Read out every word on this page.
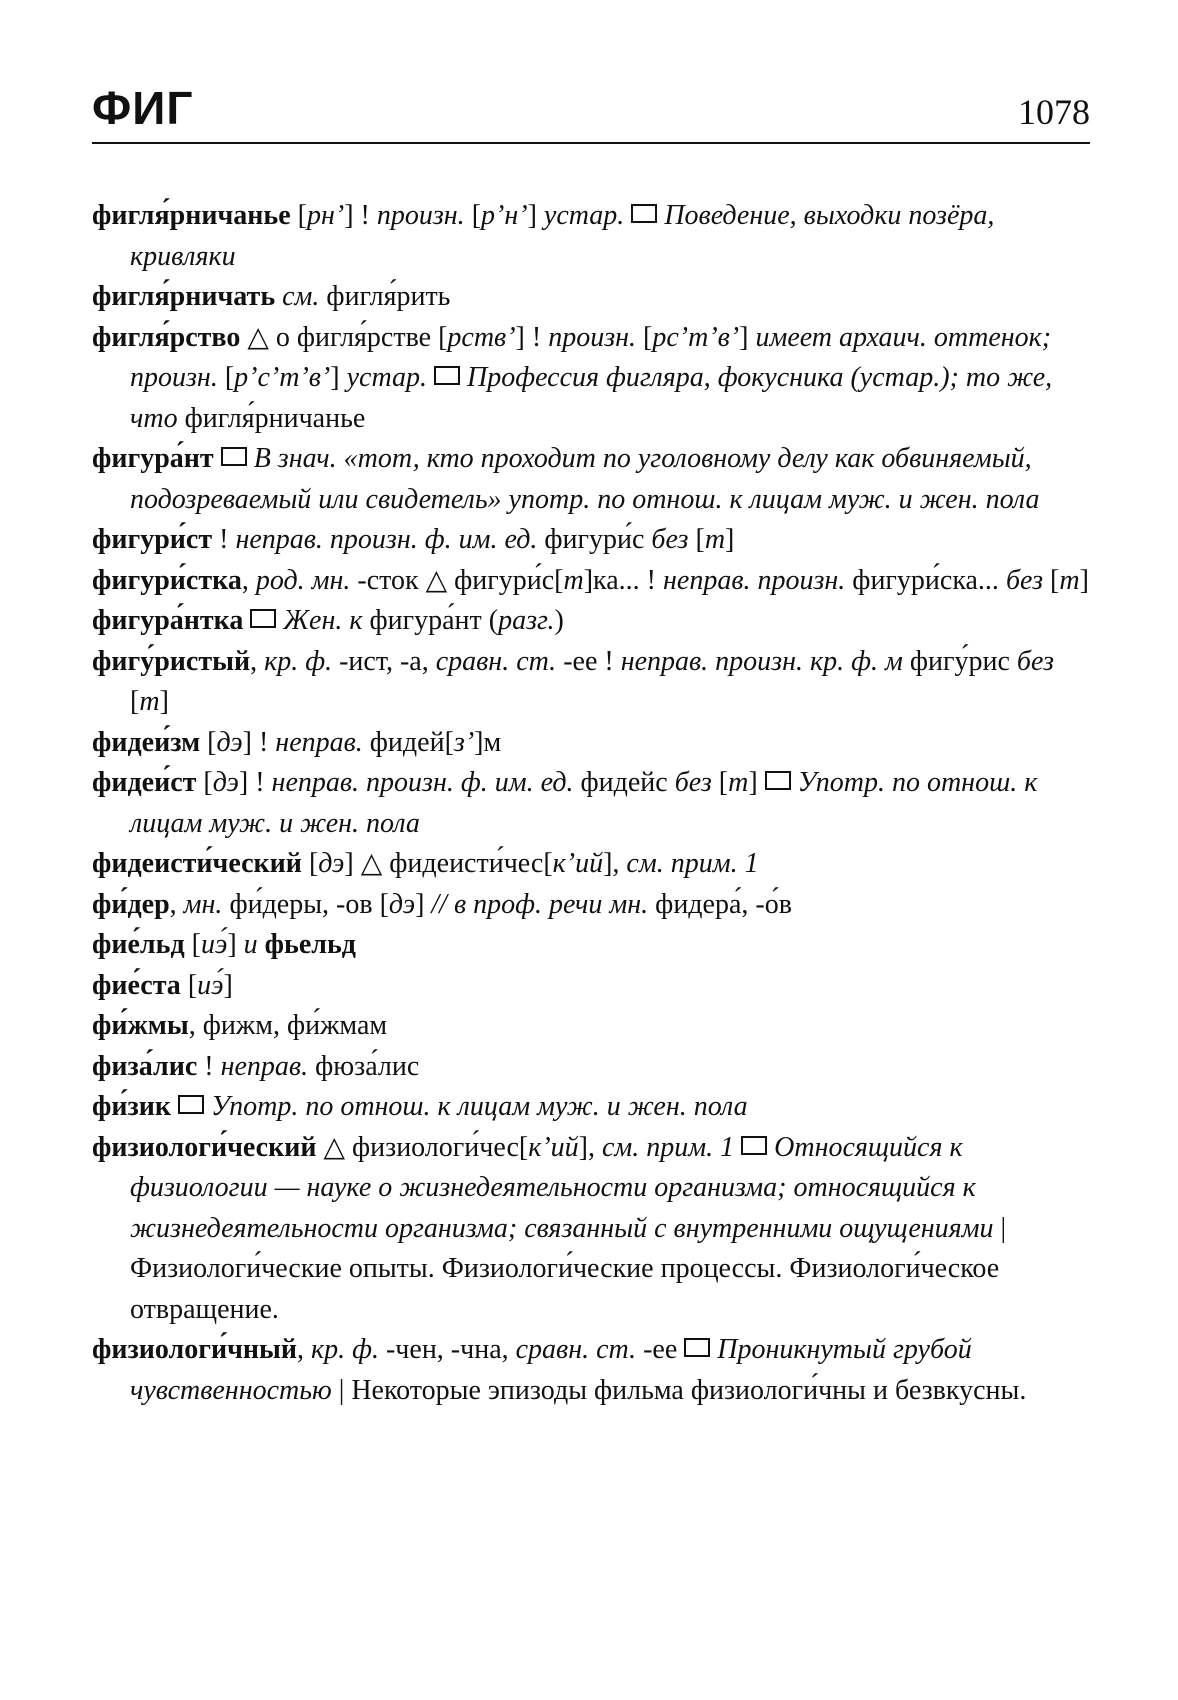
ФИГ	1078

фигля́рничанье [рнʼ] ! произн. [рʼнʼ] устар. Поведение, выходки позёра, кривляки

фигля́рничать см. фигля́рить

фигля́рство △ о фигля́рстве [рствʼ] ! произн. [рсʼтʼвʼ] имеет архаич. оттенок; произн. [рʼсʼтʼвʼ] устар. Профессия фигляра, фокусника (устар.); то же, что фигля́рничанье

фигура́нт В знач. «тот, кто проходит по уголовному делу как обвиняемый, подозреваемый или свидетель» употр. по отнош. к лицам муж. и жен. пола

фигури́ст ! неправ. произн. ф. им. ед. фигури́с без [т]

фигури́стка, род. мн. -сток △ фигури́с[т]ка... ! неправ. произн. фигури́ска... без [т]

фигура́нтка Жен. к фигура́нт (разг.)

фигу́ристый, кр. ф. -ист, -а, сравн. ст. -ее ! неправ. произн. кр. ф. м фигу́рис без [т]

фидеи́зм [дэ] ! неправ. фидей[зʼ]м

фидеи́ст [дэ] ! неправ. произн. ф. им. ед. фидейс без [т]  Употр. по отнош. к лицам муж. и жен. пола

фидеисти́ческий [дэ] △ фидеисти́чес[кʼий], см. прим. 1

фи́дер, мн. фи́деры, -ов [дэ] // в проф. речи мн. фидера́, -о́в

фие́льд [иэ́] и фьельд

фие́ста [иэ́]

фи́жмы, фижм, фи́жмам

физа́лис ! неправ. фюза́лис

фи́зик Употр. по отнош. к лицам муж. и жен. пола

физиологи́ческий △ физиологи́чес[кʼий], см. прим. 1 Относящийся к физиологии — науке о жизнедеятельности организма; относящийся к жизнедеятельности организма; связанный с внутренними ощущениями | Физиологи́ческие опыты. Физиологи́ческие процессы. Физиологи́ческое отвращение.

физиологи́чный, кр. ф. -чен, -чна, сравн. ст. -ее  Проникнутый грубой чувственностью | Некоторые эпизоды фильма физиологи́чны и безвкусны.
